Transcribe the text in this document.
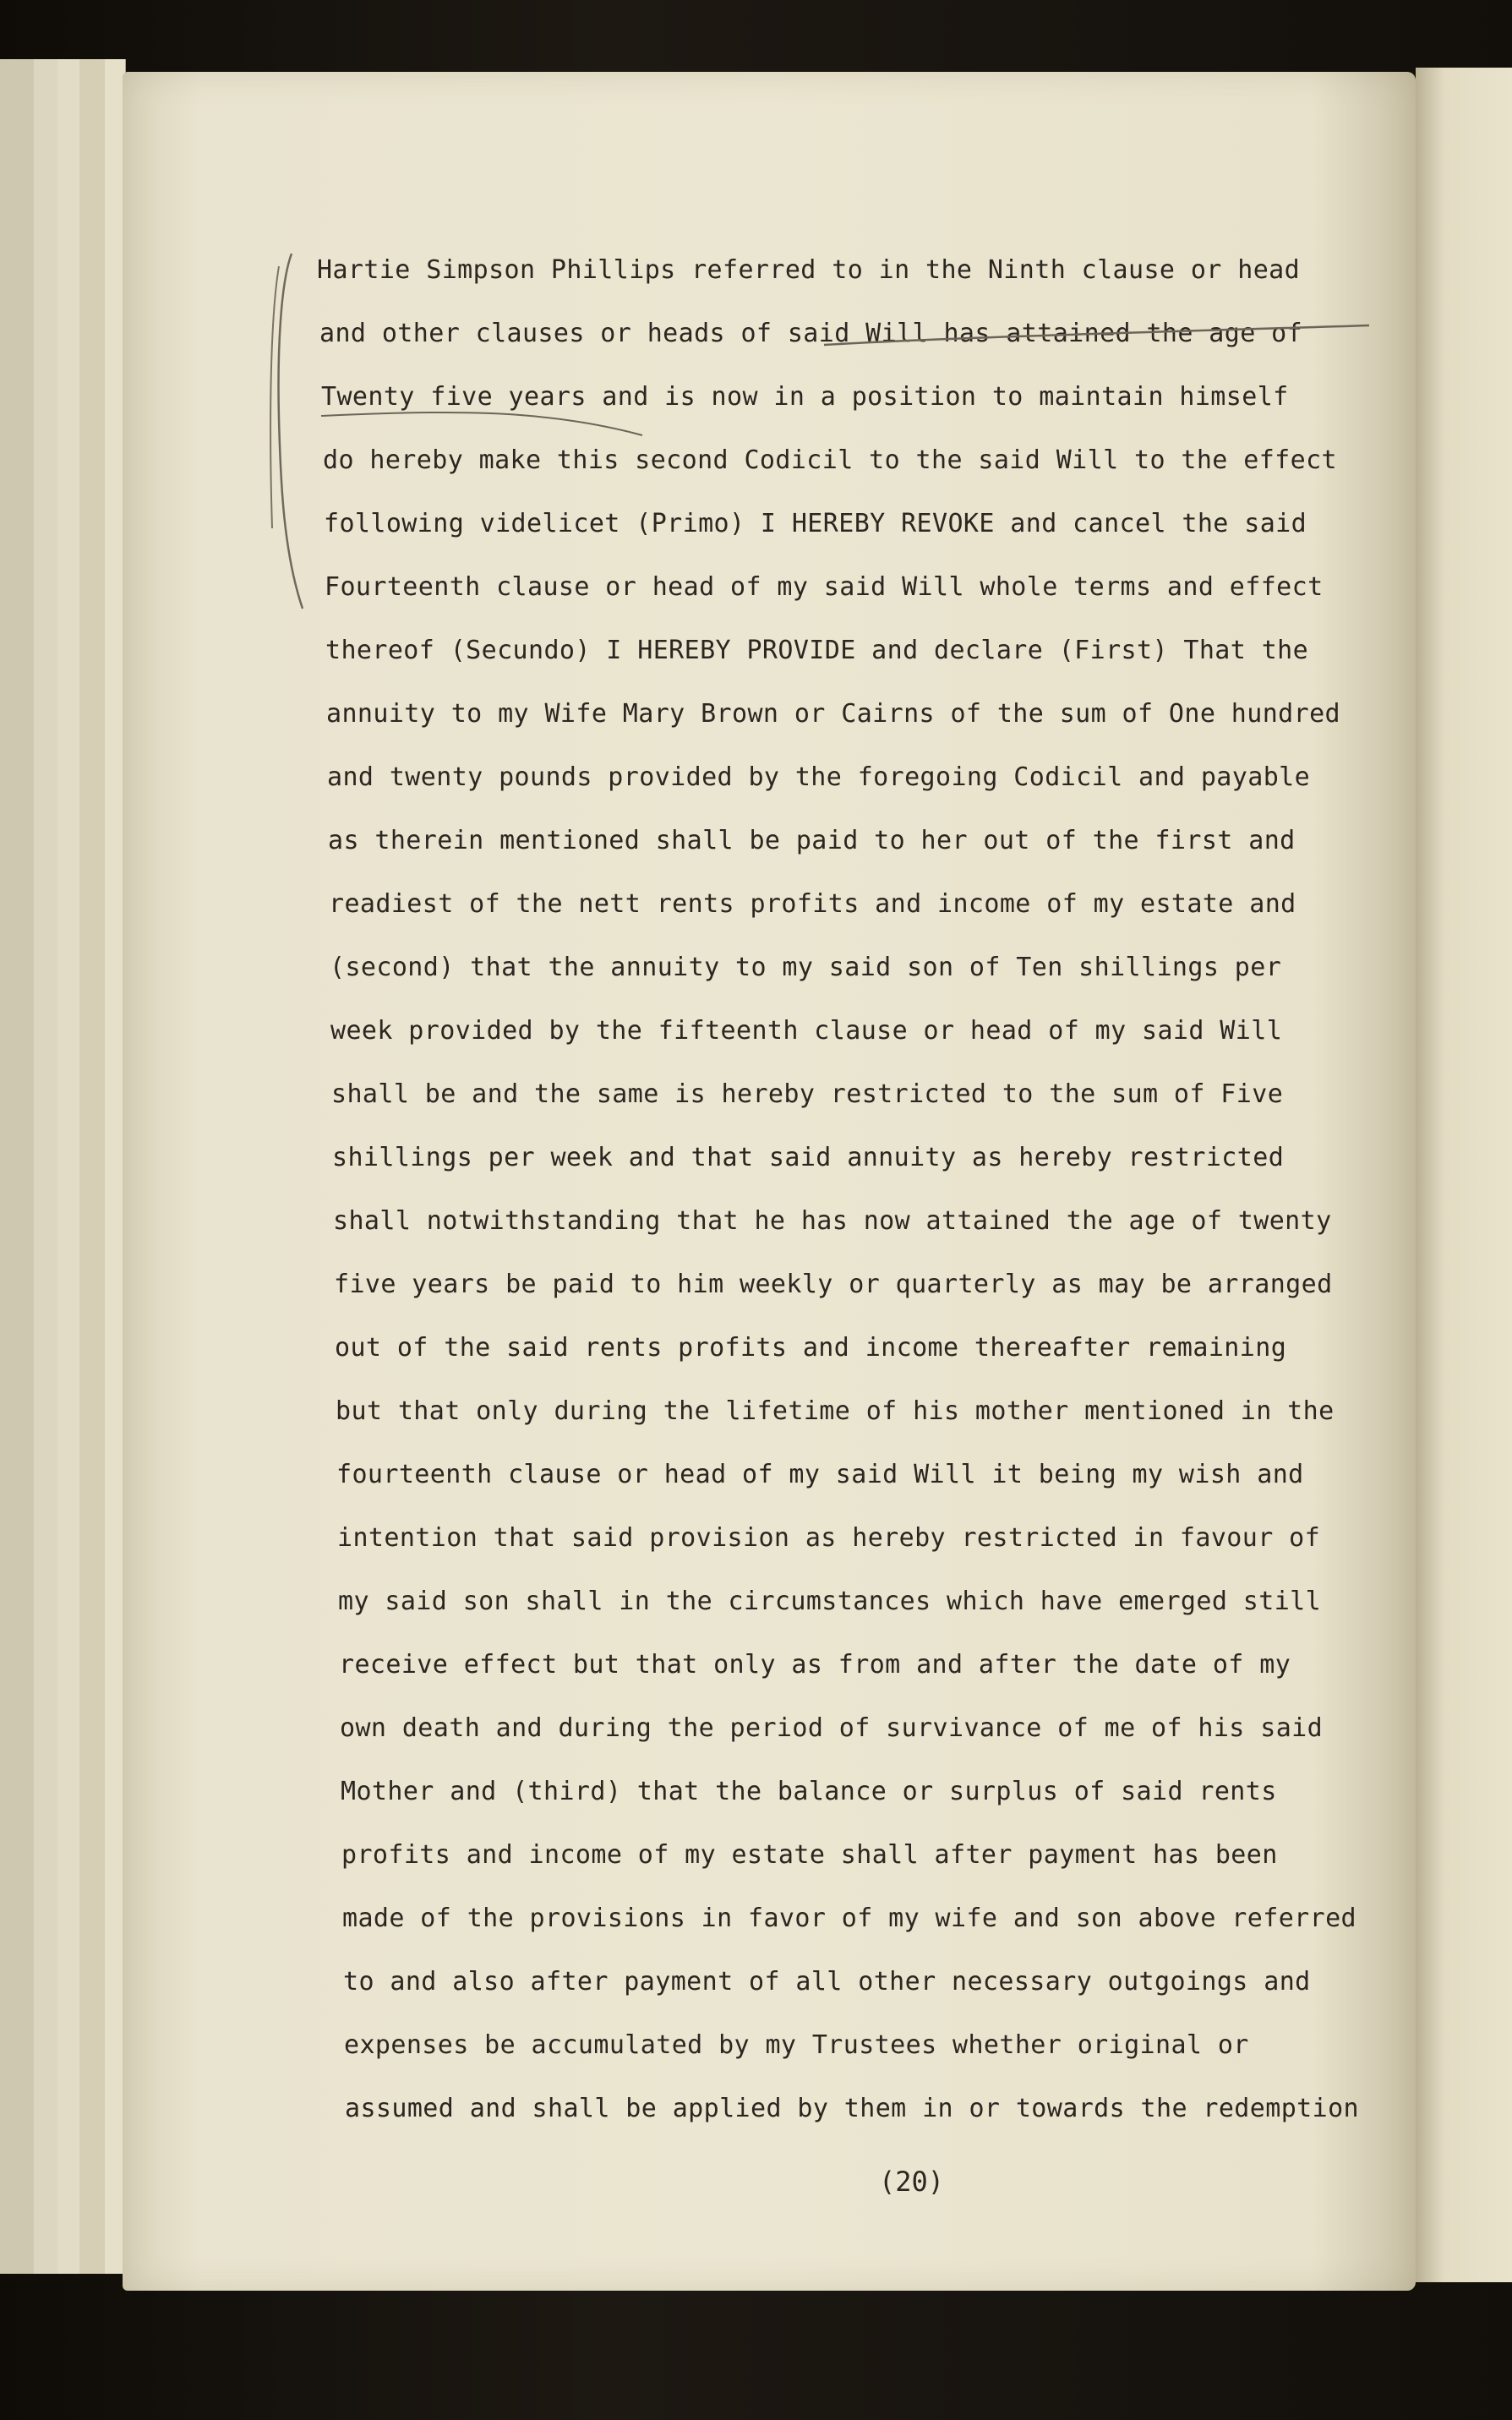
Hartie Simpson Phillips referred to in the Ninth clause or head
and other clauses or heads of said Will has attained the age of
Twenty five years and is now in a position to maintain himself
do hereby make this second Codicil to the said Will to the effect
following videlicet (Primo) I HEREBY REVOKE and cancel the said
Fourteenth clause or head of my said Will whole terms and effect
thereof (Secundo) I HEREBY PROVIDE and declare (First) That the
annuity to my Wife Mary Brown or Cairns of the sum of One hundred
and twenty pounds provided by the foregoing Codicil and payable
as therein mentioned shall be paid to her out of the first and
readiest of the nett rents profits and income of my estate and
(second) that the annuity to my said son of Ten shillings per
week provided by the fifteenth clause or head of my said Will
shall be and the same is hereby restricted to the sum of Five
shillings per week and that said annuity as hereby restricted
shall notwithstanding that he has now attained the age of twenty
five years be paid to him weekly or quarterly as may be arranged
out of the said rents profits and income thereafter remaining
but that only during the lifetime of his mother mentioned in the
fourteenth clause or head of my said Will it being my wish and
intention that said provision as hereby restricted in favour of
my said son shall in the circumstances which have emerged still
receive effect but that only as from and after the date of my
own death and during the period of survivance of me of his said
Mother and (third) that the balance or surplus of said rents
profits and income of my estate shall after payment has been
made of the provisions in favor of my wife and son above referred
to and also after payment of all other necessary outgoings and
expenses be accumulated by my Trustees whether original or
assumed and shall be applied by them in or towards the redemption
(20)
